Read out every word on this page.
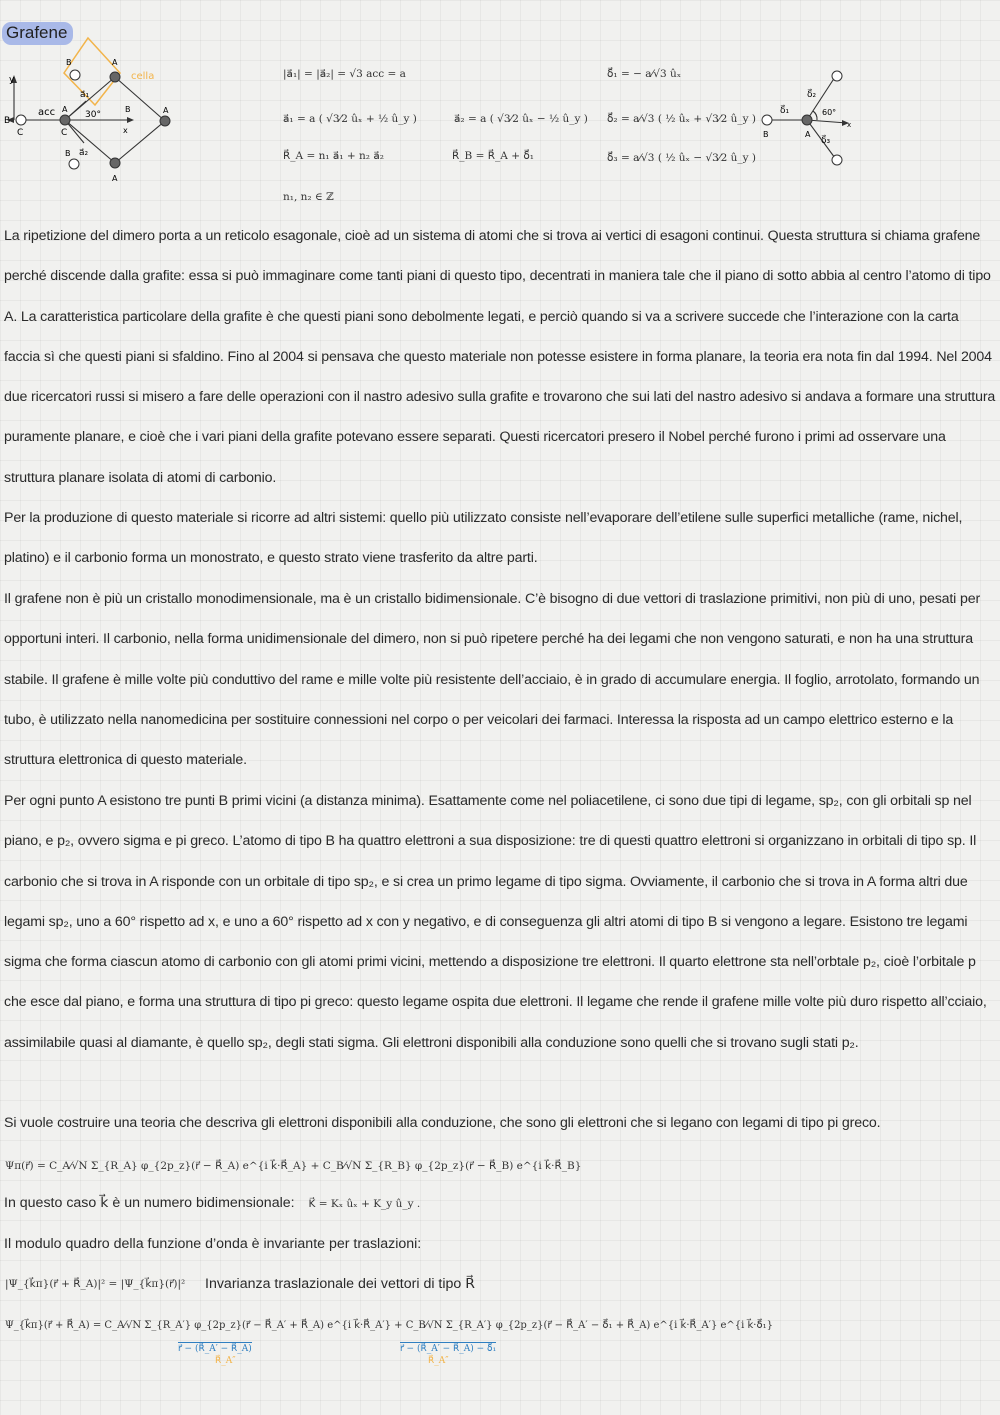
Grafene
y
B
C
acc A
C
30°
a⃗₁
a⃗₂
B
B	A
cella
B
x
A
A
|a⃗₁| = |a⃗₂| = √3 acc = a
a⃗₁ = a ( √3⁄2 ûₓ + ½ û_y )	a⃗₂ = a ( √3⁄2 ûₓ − ½ û_y )
R⃗_A = n₁ a⃗₁ + n₂ a⃗₂	R⃗_B = R⃗_A + δ⃗₁
n₁, n₂ ∈ ℤ
δ⃗₁ = − a⁄√3 ûₓ
δ⃗₂ = a⁄√3 ( ½ ûₓ + √3⁄2 û_y )
δ⃗₃ = a⁄√3 ( ½ ûₓ − √3⁄2 û_y )
δ⃗₁
δ⃗₂
δ⃗₃
60°
B	A
x

La ripetizione del dimero porta a un reticolo esagonale, cioè ad un sistema di atomi che si trova ai vertici di esagoni continui. Questa struttura si chiama grafene perché discende dalla grafite: essa si può immaginare come tanti piani di questo tipo, decentrati in maniera tale che il piano di sotto abbia al centro l’atomo di tipo A. La caratteristica particolare della grafite è che questi piani sono debolmente legati, e perciò quando si va a scrivere succede che l’interazione con la carta faccia sì che questi piani si sfaldino. Fino al 2004 si pensava che questo materiale non potesse esistere in forma planare, la teoria era nota fin dal 1994. Nel 2004 due ricercatori russi si misero a fare delle operazioni con il nastro adesivo sulla grafite e trovarono che sui lati del nastro adesivo si andava a formare una struttura puramente planare, e cioè che i vari piani della grafite potevano essere separati. Questi ricercatori presero il Nobel perché furono i primi ad osservare una struttura planare isolata di atomi di carbonio.

Per la produzione di questo materiale si ricorre ad altri sistemi: quello più utilizzato consiste nell’evaporare dell’etilene sulle superfici metalliche (rame, nichel, platino) e il carbonio forma un monostrato, e questo strato viene trasferito da altre parti.

Il grafene non è più un cristallo monodimensionale, ma è un cristallo bidimensionale. C’è bisogno di due vettori di traslazione primitivi, non più di uno, pesati per opportuni interi. Il carbonio, nella forma unidimensionale del dimero, non si può ripetere perché ha dei legami che non vengono saturati, e non ha una struttura stabile. Il grafene è mille volte più conduttivo del rame e mille volte più resistente dell’acciaio, è in grado di accumulare energia. Il foglio, arrotolato, formando un tubo, è utilizzato nella nanomedicina per sostituire connessioni nel corpo o per veicolari dei farmaci. Interessa la risposta ad un campo elettrico esterno e la struttura elettronica di questo materiale.

Per ogni punto A esistono tre punti B primi vicini (a distanza minima). Esattamente come nel poliacetilene, ci sono due tipi di legame, sp₂, con gli orbitali sp nel piano, e p₂, ovvero sigma e pi greco. L’atomo di tipo B ha quattro elettroni a sua disposizione: tre di questi quattro elettroni si organizzano in orbitali di tipo sp. Il carbonio che si trova in A risponde con un orbitale di tipo sp₂, e si crea un primo legame di tipo sigma. Ovviamente, il carbonio che si trova in A forma altri due legami sp₂, uno a 60° rispetto ad x, e uno a 60° rispetto ad x con y negativo, e di conseguenza gli altri atomi di tipo B si vengono a legare. Esistono tre legami sigma che forma ciascun atomo di carbonio con gli atomi primi vicini, mettendo a disposizione tre elettroni. Il quarto elettrone sta nell’orbtale p₂, cioè l’orbitale p che esce dal piano, e forma una struttura di tipo pi greco: questo legame ospita due elettroni. Il legame che rende il grafene mille volte più duro rispetto all’cciaio, assimilabile quasi al diamante, è quello sp₂, degli stati sigma. Gli elettroni disponibili alla conduzione sono quelli che si trovano sugli stati p₂.

Si vuole costruire una teoria che descriva gli elettroni disponibili alla conduzione, che sono gli elettroni che si legano con legami di tipo pi greco.

Ψπ(r⃗) = C_A⁄√N Σ_{R_A} φ_{2p_z}(r⃗ − R⃗_A) e^{i k⃗·R⃗_A} + C_B⁄√N Σ_{R_B} φ_{2p_z}(r⃗ − R⃗_B) e^{i k⃗·R⃗_B}
In questo caso k⃗ è un numero bidimensionale: K⃗ = Kₓ ûₓ + K_y û_y .
Il modulo quadro della funzione d’onda è invariante per traslazioni:
|Ψ_{k⃗π}(r⃗ + R⃗_A)|² = |Ψ_{k⃗π}(r⃗)|² Invarianza traslazionale dei vettori di tipo R⃗
Ψ_{k⃗π}(r⃗ + R⃗_A) = C_A⁄√N Σ_{R_A′} φ_{2p_z}(r⃗ − R⃗_A′ + R⃗_A) e^{i k⃗·R⃗_A′} + C_B⁄√N Σ_{R_A′} φ_{2p_z}(r⃗ − R⃗_A′ − δ⃗₁ + R⃗_A) e^{i k⃗·R⃗_A′} e^{i k⃗·δ⃗₁}
r⃗ − (R⃗_A′ − R⃗_A)
R⃗_A″
r⃗ − (R⃗_A′ − R⃗_A) − δ⃗₁
R⃗_A″
